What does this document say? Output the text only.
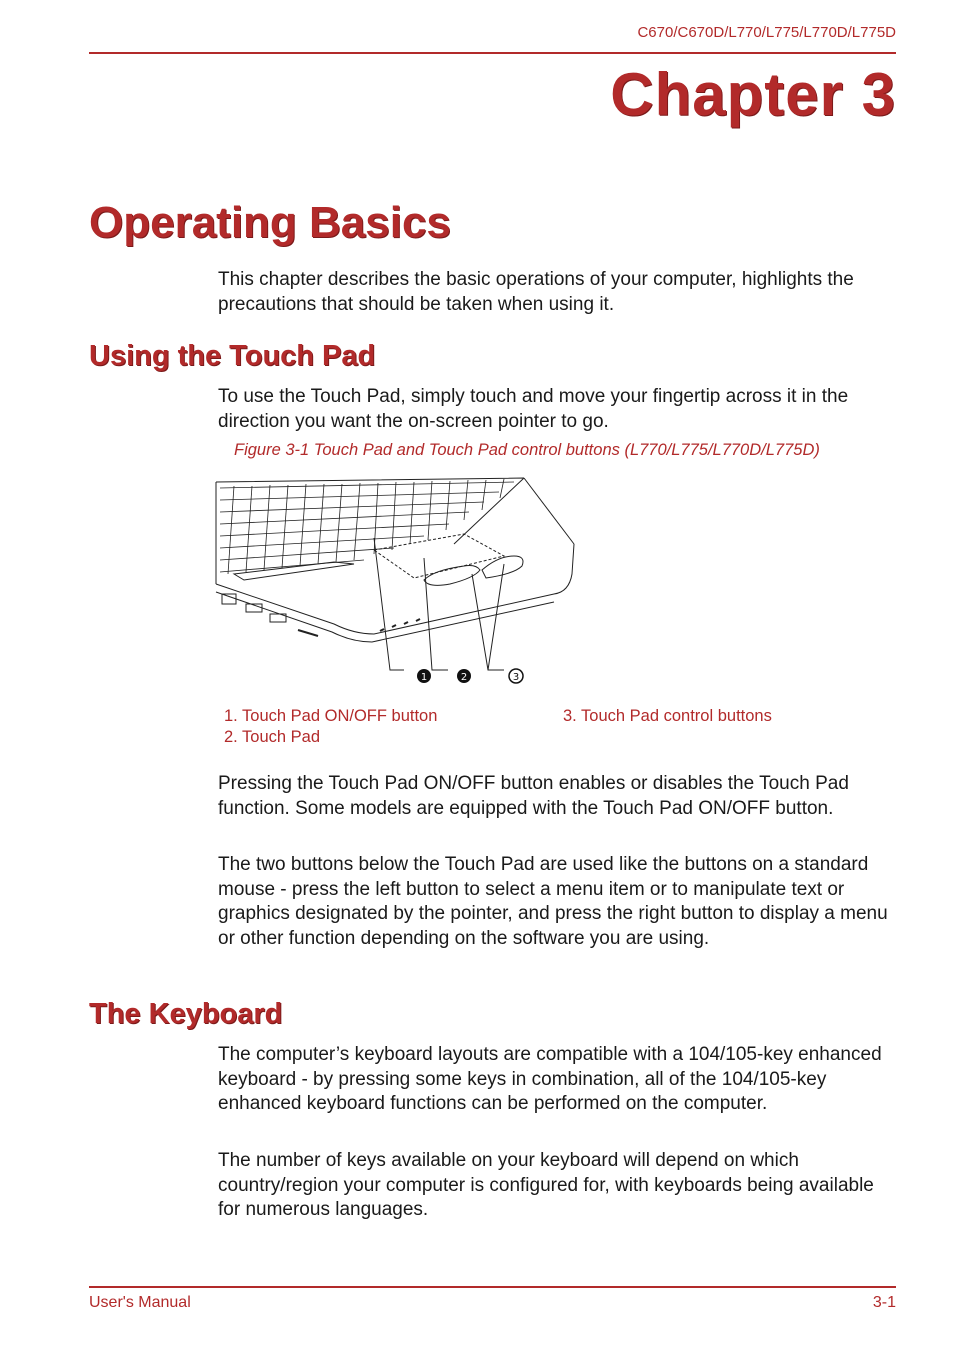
C670/C670D/L770/L775/L770D/L775D
Chapter 3
Operating Basics
This chapter describes the basic operations of your computer, highlights the precautions that should be taken when using it.
Using the Touch Pad
To use the Touch Pad, simply touch and move your fingertip across it in the direction you want the on-screen pointer to go.
Figure 3-1 Touch Pad and Touch Pad control buttons (L770/L775/L770D/L775D)
1	2	3
1. Touch Pad ON/OFF button
2. Touch Pad
3. Touch Pad control buttons
Pressing the Touch Pad ON/OFF button enables or disables the Touch Pad function. Some models are equipped with the Touch Pad ON/OFF button.
The two buttons below the Touch Pad are used like the buttons on a standard mouse - press the left button to select a menu item or to manipulate text or graphics designated by the pointer, and press the right button to display a menu or other function depending on the software you are using.
The Keyboard
The computer’s keyboard layouts are compatible with a 104/105-key enhanced keyboard - by pressing some keys in combination, all of the 104/105-key enhanced keyboard functions can be performed on the computer.
The number of keys available on your keyboard will depend on which country/region your computer is configured for, with keyboards being available for numerous languages.
User's Manual	3-1
